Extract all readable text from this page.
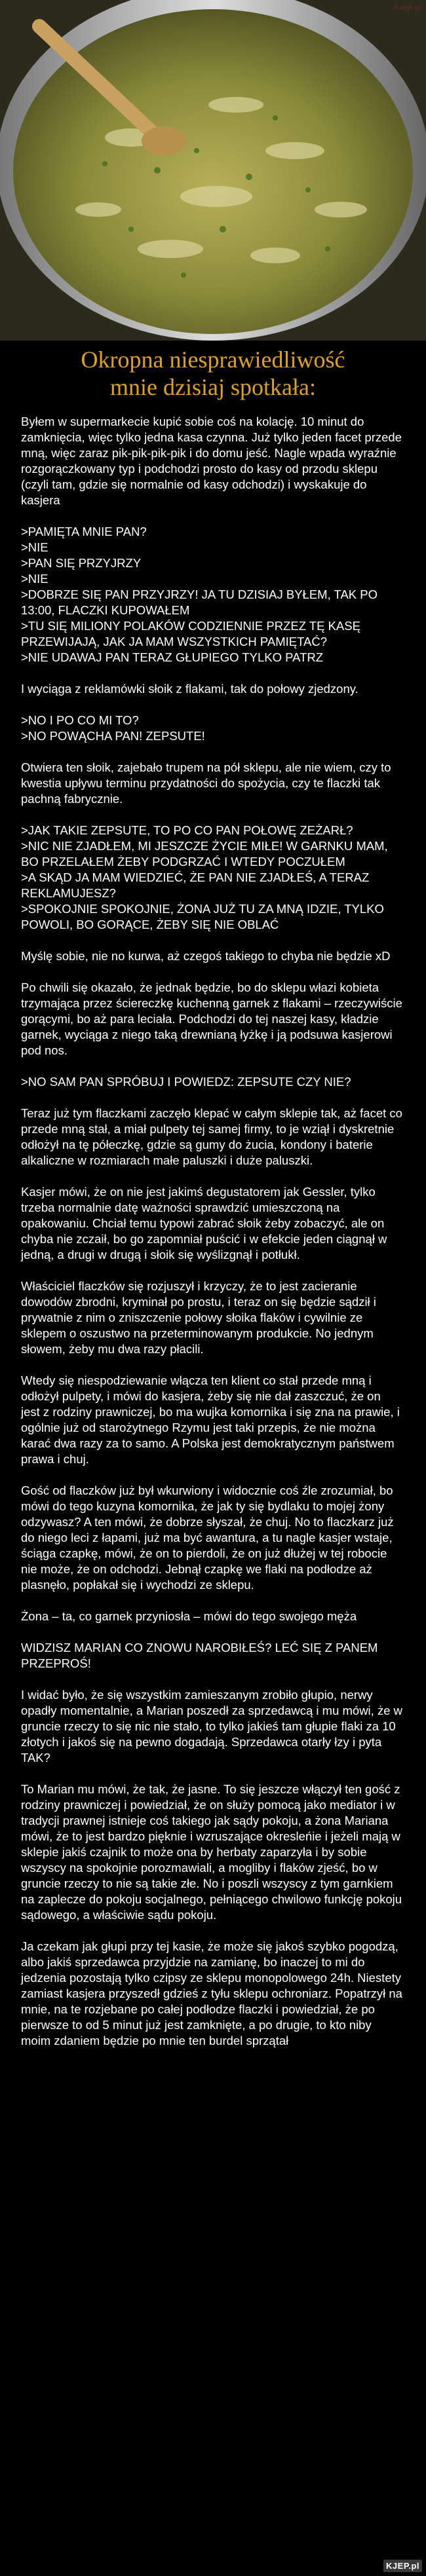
Kwejk.pl
Okropna niesprawiedliwość
mnie dzisiaj spotkała:

Byłem w supermarkecie kupić sobie coś na kolację. 10 minut do zamknięcia, więc tylko jedna kasa czynna. Już tylko jeden facet przede mną, więc zaraz pik-pik-pik-pik i do domu jeść. Nagle wpada wyraźnie rozgorączkowany typ i podchodzi prosto do kasy od przodu sklepu (czyli tam, gdzie się normalnie od kasy odchodzi) i wyskakuje do kasjera

>PAMIĘTA MNIE PAN?
>NIE
>PAN SIĘ PRZYJRZY
>NIE
>DOBRZE SIĘ PAN PRZYJRZY! JA TU DZISIAJ BYŁEM, TAK PO 13:00, FLACZKI KUPOWAŁEM
>TU SIĘ MILIONY POLAKÓW CODZIENNIE PRZEZ TĘ KASĘ PRZEWIJAJĄ, JAK JA MAM WSZYSTKICH PAMIĘTAĆ?
>NIE UDAWAJ PAN TERAZ GŁUPIEGO TYLKO PATRZ

I wyciąga z reklamówki słoik z flakami, tak do połowy zjedzony.

>NO I PO CO MI TO?
>NO POWĄCHA PAN! ZEPSUTE!

Otwiera ten słoik, zajebało trupem na pół sklepu, ale nie wiem, czy to kwestia upływu terminu przydatności do spożycia, czy te flaczki tak pachną fabrycznie.

>JAK TAKIE ZEPSUTE, TO PO CO PAN POŁOWĘ ZEŻARŁ?
>NIC NIE ZJADŁEM, MI JESZCZE ŻYCIE MIŁE! W GARNKU MAM, BO PRZELAŁEM ŻEBY PODGRZAĆ I WTEDY POCZUŁEM
>A SKĄD JA MAM WIEDZIEĆ, ŻE PAN NIE ZJADŁEŚ, A TERAZ REKLAMUJESZ?
>SPOKOJNIE SPOKOJNIE, ŻONA JUŻ TU ZA MNĄ IDZIE, TYLKO POWOLI, BO GORĄCE, ŻEBY SIĘ NIE OBLAĆ

Myślę sobie, nie no kurwa, aż czegoś takiego to chyba nie będzie xD

Po chwili się okazało, że jednak będzie, bo do sklepu włazi kobieta trzymająca przez ściereczkę kuchenną garnek z flakami – rzeczywiście gorącymi, bo aż para leciała. Podchodzi do tej naszej kasy, kładzie garnek, wyciąga z niego taką drewnianą łyżkę i ją podsuwa kasjerowi pod nos.

>NO SAM PAN SPRÓBUJ I POWIEDZ: ZEPSUTE CZY NIE?

Teraz już tym flaczkami zaczęło klepać w całym sklepie tak, aż facet co przede mną stał, a miał pulpety tej samej firmy, to je wziął i dyskretnie odłożył na tę półeczkę, gdzie są gumy do żucia, kondony i baterie alkaliczne w rozmiarach małe paluszki i duże paluszki.

Kasjer mówi, że on nie jest jakimś degustatorem jak Gessler, tylko trzeba normalnie datę ważności sprawdzić umieszczoną na opakowaniu. Chciał temu typowi zabrać słoik żeby zobaczyć, ale on chyba nie zczaił, bo go zapomniał puścić i w efekcie jeden ciągnął w jedną, a drugi w drugą i słoik się wyślizgnął i potłukł.

Właściciel flaczków się rozjuszył i krzyczy, że to jest zacieranie dowodów zbrodni, kryminał po prostu, i teraz on się będzie sądził i prywatnie z nim o zniszczenie połowy słoika flaków i cywilnie ze sklepem o oszustwo na przeterminowanym produkcie. No jednym słowem, żeby mu dwa razy płacili.

Wtedy się niespodziewanie włącza ten klient co stał przede mną i odłożył pulpety, i mówi do kasjera, żeby się nie dał zaszczuć, że on jest z rodziny prawniczej, bo ma wujka komornika i się zna na prawie, i ogólnie już od starożytnego Rzymu jest taki przepis, że nie można karać dwa razy za to samo. A Polska jest demokratycznym państwem prawa i chuj.

Gość od flaczków już był wkurwiony i widocznie coś źle zrozumiał, bo mówi do tego kuzyna komornika, że jak ty się bydlaku to mojej żony odzywasz? A ten mówi, że dobrze słyszał, że chuj. No to flaczkarz już do niego leci z łapami, już ma być awantura, a tu nagle kasjer wstaje, ściąga czapkę, mówi, że on to pierdoli, że on już dłużej w tej robocie nie może, że on odchodzi. Jebnął czapkę we flaki na podłodze aż plasnęło, popłakał się i wychodzi ze sklepu.

Żona – ta, co garnek przyniosła – mówi do tego swojego męża

WIDZISZ MARIAN CO ZNOWU NAROBIŁEŚ? LEĆ SIĘ Z PANEM PRZEPROŚ!

I widać było, że się wszystkim zamieszanym zrobiło głupio, nerwy opadły momentalnie, a Marian poszedł za sprzedawcą i mu mówi, że w gruncie rzeczy to się nic nie stało, to tylko jakieś tam głupie flaki za 10 złotych i jakoś się na pewno dogadają. Sprzedawca otarły łzy i pyta TAK?

To Marian mu mówi, że tak, że jasne. To się jeszcze włączył ten gość z rodziny prawniczej i powiedział, że on służy pomocą jako mediator i w tradycji prawnej istnieje coś takiego jak sądy pokoju, a żona Mariana mówi, że to jest bardzo pięknie i wzruszające okresleńie i jeżeli mają w sklepie jakiś czajnik to może ona by herbaty zaparzyła i by sobie wszyscy na spokojnie porozmawiali, a mogliby i flaków zjeść, bo w gruncie rzeczy to nie są takie złe. No i poszli wszyscy z tym garnkiem na zaplecze do pokoju socjalnego, pełniącego chwilowo funkcję pokoju sądowego, a właściwie sądu pokoju.

Ja czekam jak głupi przy tej kasie, że może się jakoś szybko pogodzą, albo jakiś sprzedawca przyjdzie na zamianę, bo inaczej to mi do jedzenia pozostają tylko czipsy ze sklepu monopolowego 24h. Niestety zamiast kasjera przyszedł gdzieś z tyłu sklepu ochroniarz. Popatrzył na mnie, na te rozjebane po całej podłodze flaczki i powiedział, że po pierwsze to od 5 minut już jest zamknięte, a po drugie, to kto niby moim zdaniem będzie po mnie ten burdel sprzątał

KJEP.pl
